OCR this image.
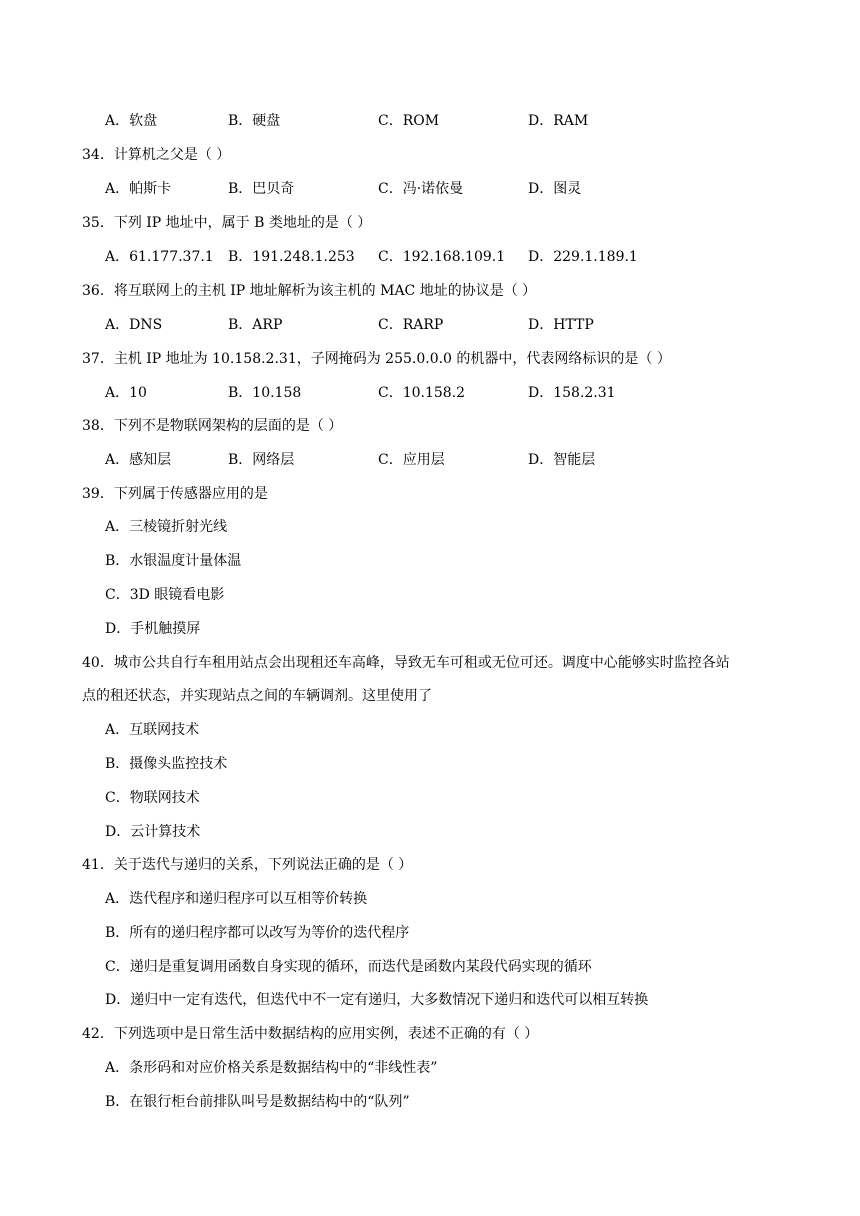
A．软盘	B．硬盘	C．ROM	D．RAM
34．计算机之父是（ ）
A．帕斯卡	B．巴贝奇	C．冯·诺依曼	D．图灵
35．下列 IP 地址中，属于 B 类地址的是（ ）
A．61.177.37.1 B．191.248.1.253 C．192.168.109.1 D．229.1.189.1
36．将互联网上的主机 IP 地址解析为该主机的 MAC 地址的协议是（ ）
A．DNS	B．ARP	C．RARP	D．HTTP
37．主机 IP 地址为 10.158.2.31，子网掩码为 255.0.0.0 的机器中，代表网络标识的是（ ）
A．10	B．10.158	C．10.158.2	D．158.2.31
38．下列不是物联网架构的层面的是（ ）
A．感知层	B．网络层	C．应用层	D．智能层
39．下列属于传感器应用的是
A．三棱镜折射光线
B．水银温度计量体温
C．3D 眼镜看电影
D．手机触摸屏
40．城市公共自行车租用站点会出现租还车高峰，导致无车可租或无位可还。调度中心能够实时监控各站
点的租还状态，并实现站点之间的车辆调剂。这里使用了
A．互联网技术
B．摄像头监控技术
C．物联网技术
D．云计算技术
41．关于迭代与递归的关系，下列说法正确的是（ ）
A．迭代程序和递归程序可以互相等价转换
B．所有的递归程序都可以改写为等价的迭代程序
C．递归是重复调用函数自身实现的循环，而迭代是函数内某段代码实现的循环
D．递归中一定有迭代，但迭代中不一定有递归，大多数情况下递归和迭代可以相互转换
42．下列选项中是日常生活中数据结构的应用实例，表述不正确的有（ ）
A．条形码和对应价格关系是数据结构中的“非线性表”
B．在银行柜台前排队叫号是数据结构中的“队列”
